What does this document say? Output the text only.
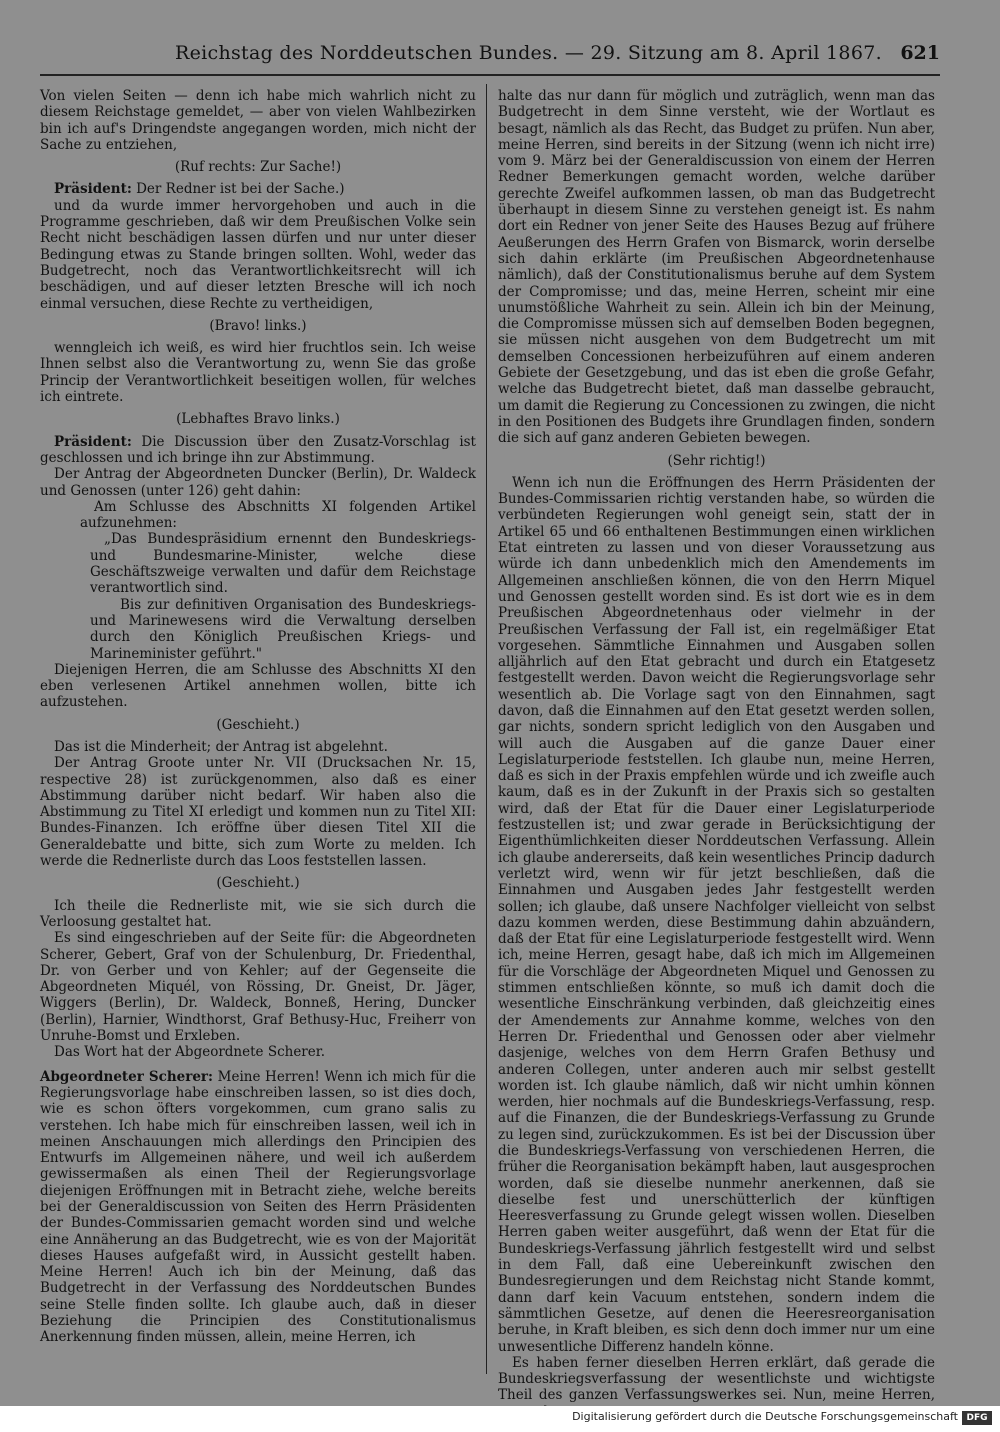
Reichstag des Norddeutschen Bundes. — 29. Sitzung am 8. April 1867. 621

Von vielen Seiten — denn ich habe mich wahrlich nicht zu diesem Reichstage gemeldet, — aber von vielen Wahlbezirken bin ich auf's Dringendste angegangen worden, mich nicht der Sache zu entziehen,

(Ruf rechts: Zur Sache!)

Präsident: Der Redner ist bei der Sache.)

und da wurde immer hervorgehoben und auch in die Programme geschrieben, daß wir dem Preußischen Volke sein Recht nicht beschädigen lassen dürfen und nur unter dieser Bedingung etwas zu Stande bringen sollten. Wohl, weder das Budgetrecht, noch das Verantwortlichkeitsrecht will ich beschädigen, und auf dieser letzten Bresche will ich noch einmal versuchen, diese Rechte zu vertheidigen,

(Bravo! links.)

wenngleich ich weiß, es wird hier fruchtlos sein. Ich weise Ihnen selbst also die Verantwortung zu, wenn Sie das große Princip der Verantwortlichkeit beseitigen wollen, für welches ich eintrete.

(Lebhaftes Bravo links.)

Präsident: Die Discussion über den Zusatz-Vorschlag ist geschlossen und ich bringe ihn zur Abstimmung.

Der Antrag der Abgeordneten Duncker (Berlin), Dr. Waldeck und Genossen (unter 126) geht dahin:

Am Schlusse des Abschnitts XI folgenden Artikel aufzunehmen:

„Das Bundespräsidium ernennt den Bundeskriegs- und Bundesmarine-Minister, welche diese Geschäftszweige verwalten und dafür dem Reichstage verantwortlich sind.

Bis zur definitiven Organisation des Bundeskriegs- und Marinewesens wird die Verwaltung derselben durch den Königlich Preußischen Kriegs- und Marineminister geführt."

Diejenigen Herren, die am Schlusse des Abschnitts XI den eben verlesenen Artikel annehmen wollen, bitte ich aufzustehen.

(Geschieht.)

Das ist die Minderheit; der Antrag ist abgelehnt.

Der Antrag Groote unter Nr. VII (Drucksachen Nr. 15, respective 28) ist zurückgenommen, also daß es einer Abstimmung darüber nicht bedarf. Wir haben also die Abstimmung zu Titel XI erledigt und kommen nun zu Titel XII: Bundes-Finanzen. Ich eröffne über diesen Titel XII die Generaldebatte und bitte, sich zum Worte zu melden. Ich werde die Rednerliste durch das Loos feststellen lassen.

(Geschieht.)

Ich theile die Rednerliste mit, wie sie sich durch die Verloosung gestaltet hat.

Es sind eingeschrieben auf der Seite für: die Abgeordneten Scherer, Gebert, Graf von der Schulenburg, Dr. Friedenthal, Dr. von Gerber und von Kehler; auf der Gegenseite die Abgeordneten Miquél, von Rössing, Dr. Gneist, Dr. Jäger, Wiggers (Berlin), Dr. Waldeck, Bonneß, Hering, Duncker (Berlin), Harnier, Windthorst, Graf Bethusy-Huc, Freiherr von Unruhe-Bomst und Erxleben.

Das Wort hat der Abgeordnete Scherer.

Abgeordneter Scherer: Meine Herren! Wenn ich mich für die Regierungsvorlage habe einschreiben lassen, so ist dies doch, wie es schon öfters vorgekommen, cum grano salis zu verstehen. Ich habe mich für einschreiben lassen, weil ich in meinen Anschauungen mich allerdings den Principien des Entwurfs im Allgemeinen nähere, und weil ich außerdem gewissermaßen als einen Theil der Regierungsvorlage diejenigen Eröffnungen mit in Betracht ziehe, welche bereits bei der Generaldiscussion von Seiten des Herrn Präsidenten der Bundes-Commissarien gemacht worden sind und welche eine Annäherung an das Budgetrecht, wie es von der Majorität dieses Hauses aufgefaßt wird, in Aussicht gestellt haben. Meine Herren! Auch ich bin der Meinung, daß das Budgetrecht in der Verfassung des Norddeutschen Bundes seine Stelle finden sollte. Ich glaube auch, daß in dieser Beziehung die Principien des Constitutionalismus Anerkennung finden müssen, allein, meine Herren, ich

halte das nur dann für möglich und zuträglich, wenn man das Budgetrecht in dem Sinne versteht, wie der Wortlaut es besagt, nämlich als das Recht, das Budget zu prüfen. Nun aber, meine Herren, sind bereits in der Sitzung (wenn ich nicht irre) vom 9. März bei der Generaldiscussion von einem der Herren Redner Bemerkungen gemacht worden, welche darüber gerechte Zweifel aufkommen lassen, ob man das Budgetrecht überhaupt in diesem Sinne zu verstehen geneigt ist. Es nahm dort ein Redner von jener Seite des Hauses Bezug auf frühere Aeußerungen des Herrn Grafen von Bismarck, worin derselbe sich dahin erklärte (im Preußischen Abgeordnetenhause nämlich), daß der Constitutionalismus beruhe auf dem System der Compromisse; und das, meine Herren, scheint mir eine unumstößliche Wahrheit zu sein. Allein ich bin der Meinung, die Compromisse müssen sich auf demselben Boden begegnen, sie müssen nicht ausgehen von dem Budgetrecht um mit demselben Concessionen herbeizuführen auf einem anderen Gebiete der Gesetzgebung, und das ist eben die große Gefahr, welche das Budgetrecht bietet, daß man dasselbe gebraucht, um damit die Regierung zu Concessionen zu zwingen, die nicht in den Positionen des Budgets ihre Grundlagen finden, sondern die sich auf ganz anderen Gebieten bewegen.

(Sehr richtig!)

Wenn ich nun die Eröffnungen des Herrn Präsidenten der Bundes-Commissarien richtig verstanden habe, so würden die verbündeten Regierungen wohl geneigt sein, statt der in Artikel 65 und 66 enthaltenen Bestimmungen einen wirklichen Etat eintreten zu lassen und von dieser Voraussetzung aus würde ich dann unbedenklich mich den Amendements im Allgemeinen anschließen können, die von den Herrn Miquel und Genossen gestellt worden sind. Es ist dort wie es in dem Preußischen Abgeordnetenhaus oder vielmehr in der Preußischen Verfassung der Fall ist, ein regelmäßiger Etat vorgesehen. Sämmtliche Einnahmen und Ausgaben sollen alljährlich auf den Etat gebracht und durch ein Etatgesetz festgestellt werden. Davon weicht die Regierungsvorlage sehr wesentlich ab. Die Vorlage sagt von den Einnahmen, sagt davon, daß die Einnahmen auf den Etat gesetzt werden sollen, gar nichts, sondern spricht lediglich von den Ausgaben und will auch die Ausgaben auf die ganze Dauer einer Legislaturperiode feststellen. Ich glaube nun, meine Herren, daß es sich in der Praxis empfehlen würde und ich zweifle auch kaum, daß es in der Zukunft in der Praxis sich so gestalten wird, daß der Etat für die Dauer einer Legislaturperiode festzustellen ist; und zwar gerade in Berücksichtigung der Eigenthümlichkeiten dieser Norddeutschen Verfassung. Allein ich glaube andererseits, daß kein wesentliches Princip dadurch verletzt wird, wenn wir für jetzt beschließen, daß die Einnahmen und Ausgaben jedes Jahr festgestellt werden sollen; ich glaube, daß unsere Nachfolger vielleicht von selbst dazu kommen werden, diese Bestimmung dahin abzuändern, daß der Etat für eine Legislaturperiode festgestellt wird. Wenn ich, meine Herren, gesagt habe, daß ich mich im Allgemeinen für die Vorschläge der Abgeordneten Miquel und Genossen zu stimmen entschließen könnte, so muß ich damit doch die wesentliche Einschränkung verbinden, daß gleichzeitig eines der Amendements zur Annahme komme, welches von den Herren Dr. Friedenthal und Genossen oder aber vielmehr dasjenige, welches von dem Herrn Grafen Bethusy und anderen Collegen, unter anderen auch mir selbst gestellt worden ist. Ich glaube nämlich, daß wir nicht umhin können werden, hier nochmals auf die Bundeskriegs-Verfassung, resp. auf die Finanzen, die der Bundeskriegs-Verfassung zu Grunde zu legen sind, zurückzukommen. Es ist bei der Discussion über die Bundeskriegs-Verfassung von verschiedenen Herren, die früher die Reorganisation bekämpft haben, laut ausgesprochen worden, daß sie dieselbe nunmehr anerkennen, daß sie dieselbe fest und unerschütterlich der künftigen Heeresverfassung zu Grunde gelegt wissen wollen. Dieselben Herren gaben weiter ausgeführt, daß wenn der Etat für die Bundeskriegs-Verfassung jährlich festgestellt wird und selbst in dem Fall, daß eine Uebereinkunft zwischen den Bundesregierungen und dem Reichstag nicht Stande kommt, dann darf kein Vacuum entstehen, sondern indem die sämmtlichen Gesetze, auf denen die Heeresreorganisation beruhe, in Kraft bleiben, es sich denn doch immer nur um eine unwesentliche Differenz handeln könne.

Es haben ferner dieselben Herren erklärt, daß gerade die Bundeskriegsverfassung der wesentlichste und wichtigste Theil des ganzen Verfassungswerkes sei. Nun, meine Herren,

Digitalisierung gefördert durch die Deutsche Forschungsgemeinschaft DFG
